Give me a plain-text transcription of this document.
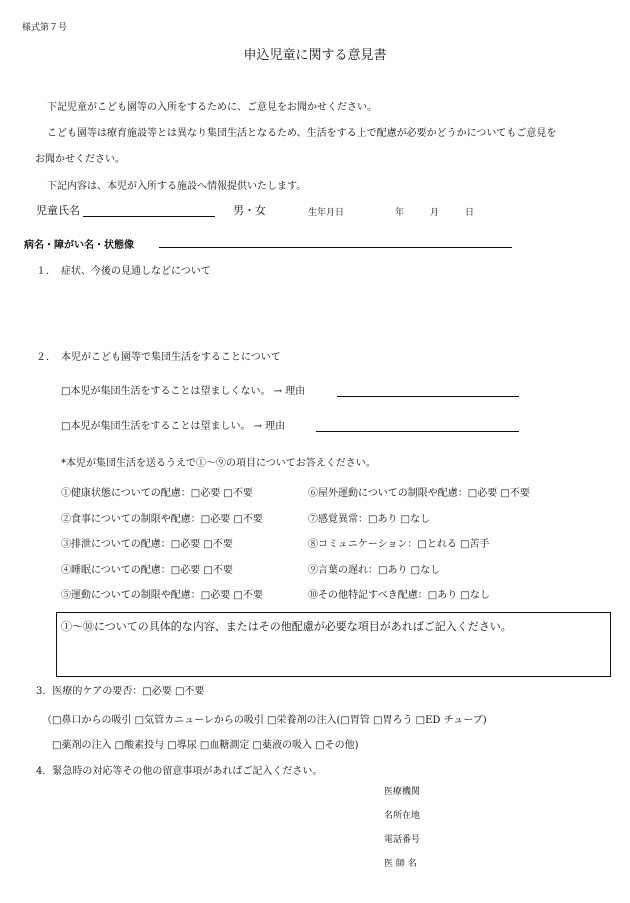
様式第７号
申込児童に関する意見書
下記児童がこども園等の入所をするために、ご意見をお聞かせください。
こども園等は療育施設等とは異なり集団生活となるため、生活をする上で配慮が必要かどうかについてもご意見を
お聞かせください。
下記内容は、本児が入所する施設へ情報提供いたします。
児童氏名	男・女	生年月日	年	月	日
病名・障がい名・状態像
１．　症状、今後の見通しなどについて
２．　本児がこども園等で集団生活をすることについて
□本児が集団生活をすることは望ましくない。 → 理由
□本児が集団生活をすることは望ましい。 → 理由
*本児が集団生活を送るうえで①～⑨の項目についてお答えください。
①健康状態についての配慮：□必要 □不要
②食事についての制限や配慮：□必要 □不要
③排泄についての配慮：□必要 □不要
④睡眠についての配慮：□必要 □不要
⑤運動についての制限や配慮：□必要 □不要
⑥屋外運動についての制限や配慮：□必要 □不要
⑦感覚異常：□あり □なし
⑧コミュニケーション：□とれる □苦手
⑨言葉の遅れ：□あり □なし
⑩その他特記すべき配慮：□あり □なし
①～⑩についての具体的な内容、またはその他配慮が必要な項目があればご記入ください。
3．医療的ケアの要否：□必要 □不要
（□鼻口からの吸引 □気管カニューレからの吸引 □栄養剤の注入(□胃管 □胃ろう □ED チューブ)
□薬剤の注入 □酸素投与 □導尿 □血糖測定 □薬液の吸入 □その他)
4．緊急時の対応等その他の留意事項があればご記入ください。
医療機関
名所在地
電話番号
医 師 名
